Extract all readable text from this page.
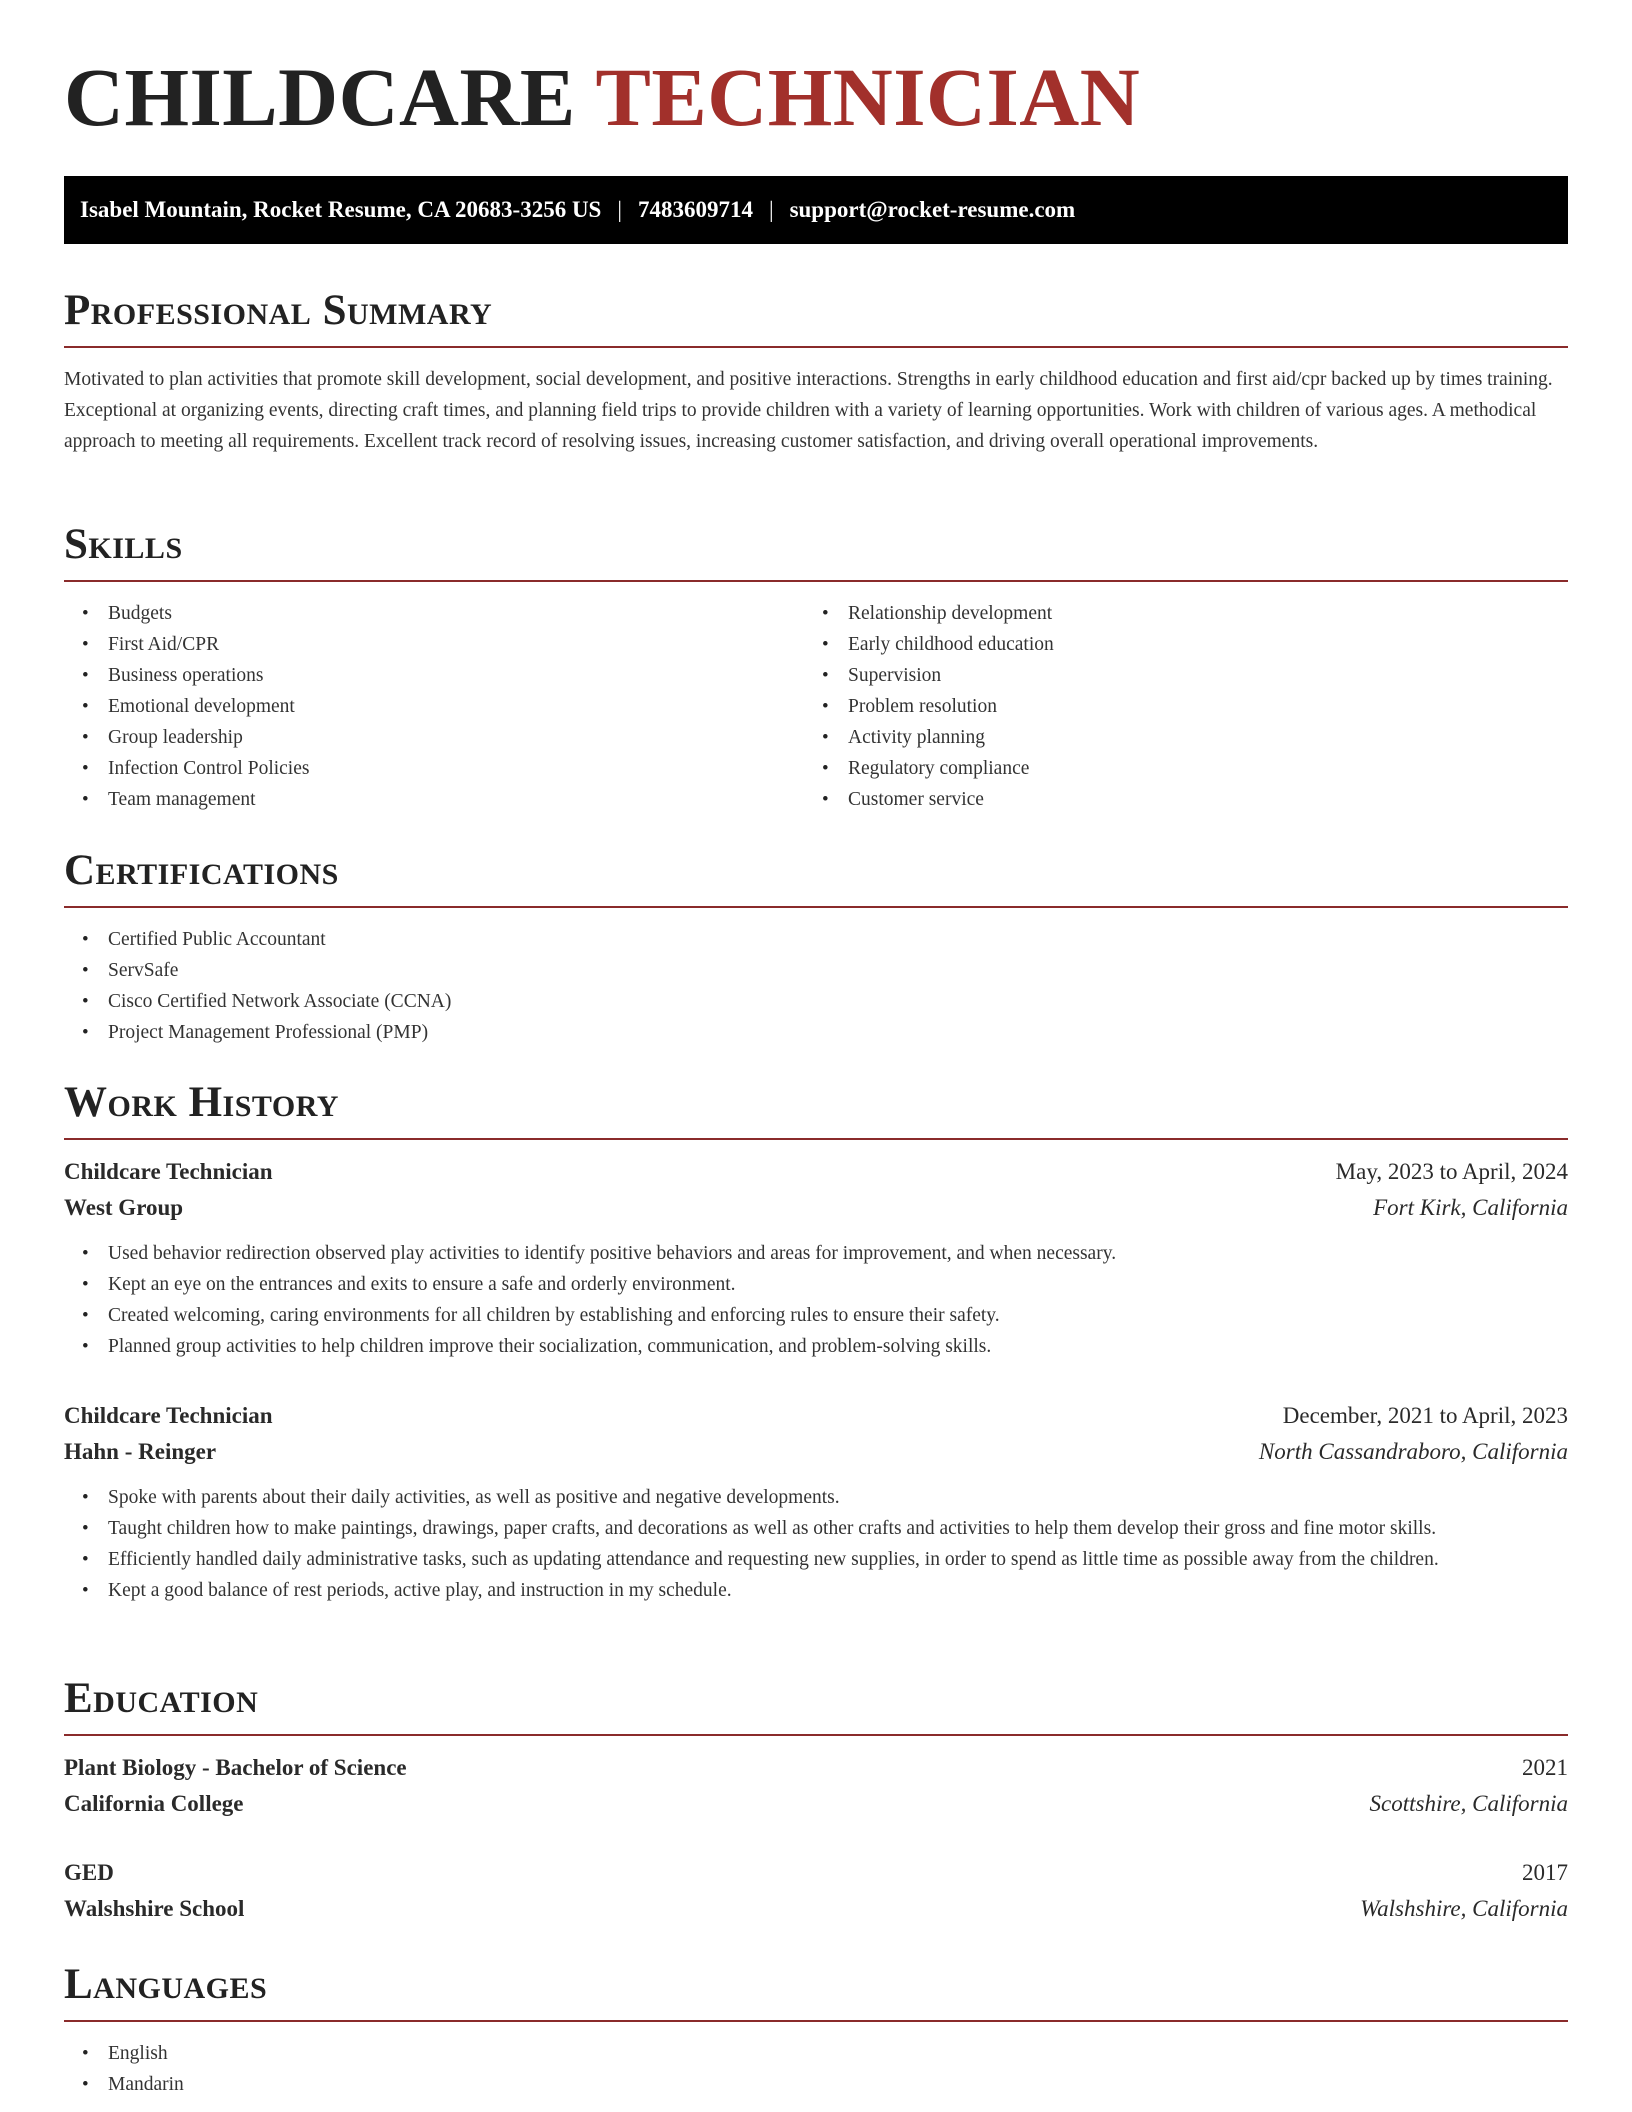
CHILDCARE TECHNICIAN
Isabel Mountain, Rocket Resume, CA 20683-3256 US | 7483609714 | support@rocket-resume.com
Professional Summary

Motivated to plan activities that promote skill development, social development, and positive interactions. Strengths in early childhood education and first aid/cpr backed up by times training. Exceptional at organizing events, directing craft times, and planning field trips to provide children with a variety of learning opportunities. Work with children of various ages. A methodical approach to meeting all requirements. Excellent track record of resolving issues, increasing customer satisfaction, and driving overall operational improvements.

Skills
• Budgets
• First Aid/CPR
• Business operations
• Emotional development
• Group leadership
• Infection Control Policies
• Team management
• Relationship development
• Early childhood education
• Supervision
• Problem resolution
• Activity planning
• Regulatory compliance
• Customer service
Certifications
• Certified Public Accountant
• ServSafe
• Cisco Certified Network Associate (CCNA)
• Project Management Professional (PMP)
Work History
Childcare Technician	May, 2023 to April, 2024
West Group	Fort Kirk, California
• Used behavior redirection observed play activities to identify positive behaviors and areas for improvement, and when necessary.
• Kept an eye on the entrances and exits to ensure a safe and orderly environment.
• Created welcoming, caring environments for all children by establishing and enforcing rules to ensure their safety.
• Planned group activities to help children improve their socialization, communication, and problem-solving skills.
Childcare Technician	December, 2021 to April, 2023
Hahn - Reinger	North Cassandraboro, California
• Spoke with parents about their daily activities, as well as positive and negative developments.
• Taught children how to make paintings, drawings, paper crafts, and decorations as well as other crafts and activities to help them develop their gross and fine motor skills.
• Efficiently handled daily administrative tasks, such as updating attendance and requesting new supplies, in order to spend as little time as possible away from the children.
• Kept a good balance of rest periods, active play, and instruction in my schedule.
Education
Plant Biology - Bachelor of Science	2021
California College	Scottshire, California
GED	2017
Walshshire School	Walshshire, California
Languages
• English
• Mandarin
